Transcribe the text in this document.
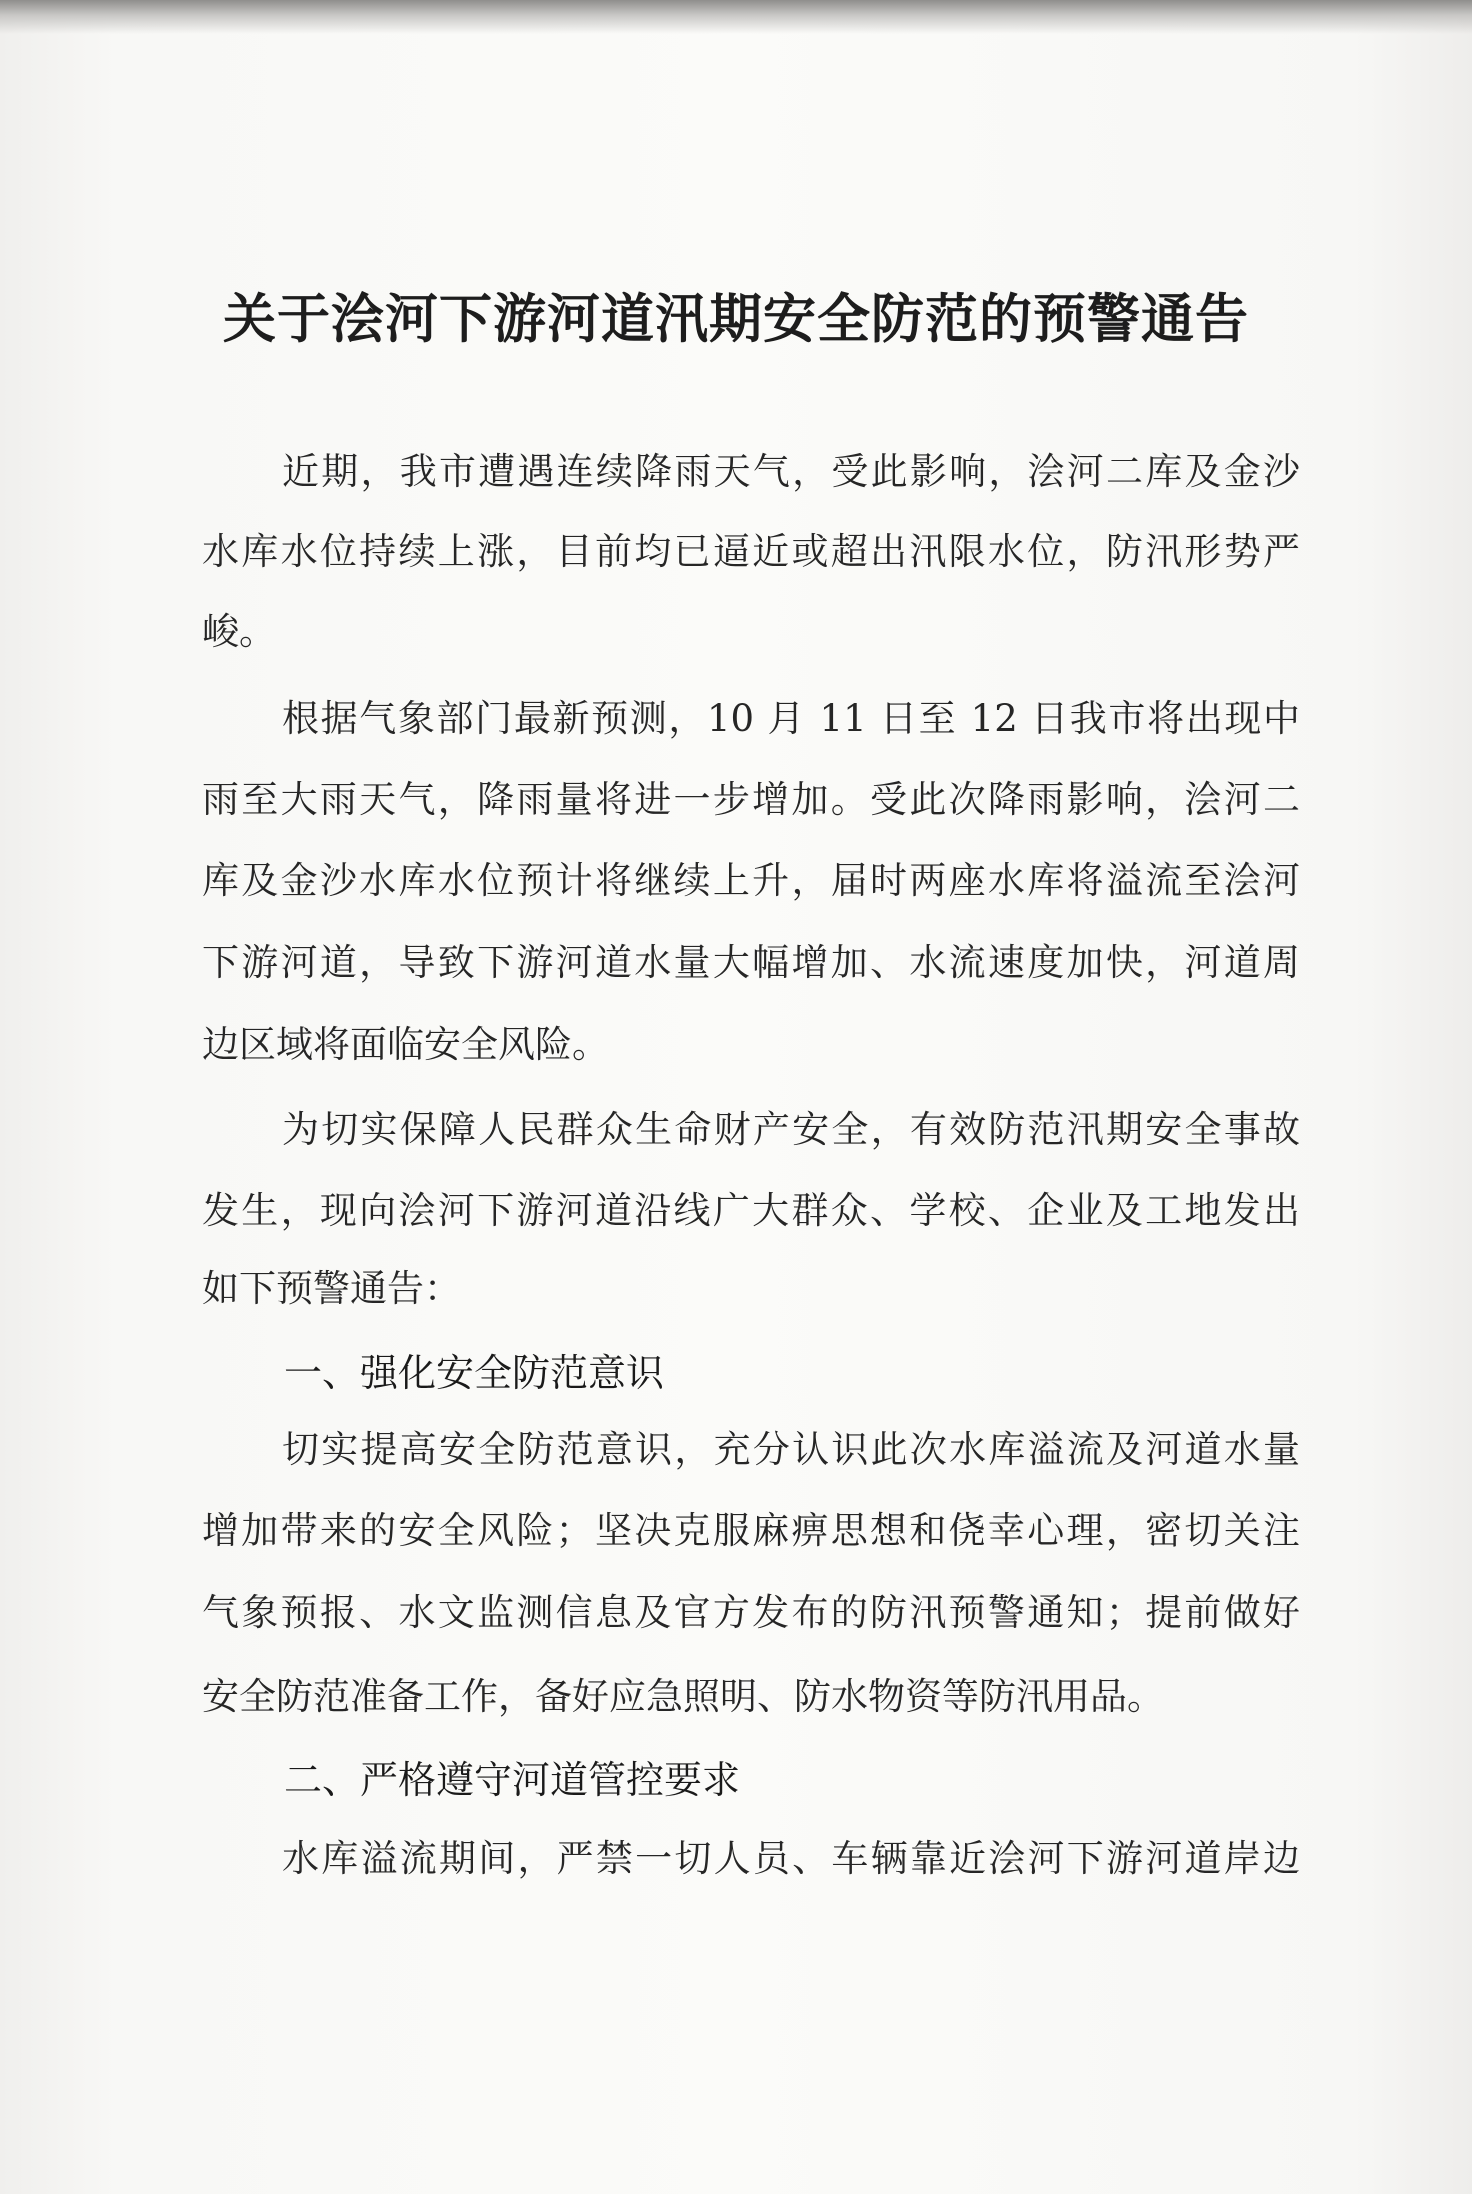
关于浍河下游河道汛期安全防范的预警通告
近期，我市遭遇连续降雨天气，受此影响，浍河二库及金沙
水库水位持续上涨，目前均已逼近或超出汛限水位，防汛形势严
峻。
根据气象部门最新预测，10 月 11 日至 12 日我市将出现中
雨至大雨天气，降雨量将进一步增加。受此次降雨影响，浍河二
库及金沙水库水位预计将继续上升，届时两座水库将溢流至浍河
下游河道，导致下游河道水量大幅增加、水流速度加快，河道周
边区域将面临安全风险。
为切实保障人民群众生命财产安全，有效防范汛期安全事故
发生，现向浍河下游河道沿线广大群众、学校、企业及工地发出
如下预警通告：
一、强化安全防范意识
切实提高安全防范意识，充分认识此次水库溢流及河道水量
增加带来的安全风险；坚决克服麻痹思想和侥幸心理，密切关注
气象预报、水文监测信息及官方发布的防汛预警通知；提前做好
安全防范准备工作，备好应急照明、防水物资等防汛用品。
二、严格遵守河道管控要求
水库溢流期间，严禁一切人员、车辆靠近浍河下游河道岸边
